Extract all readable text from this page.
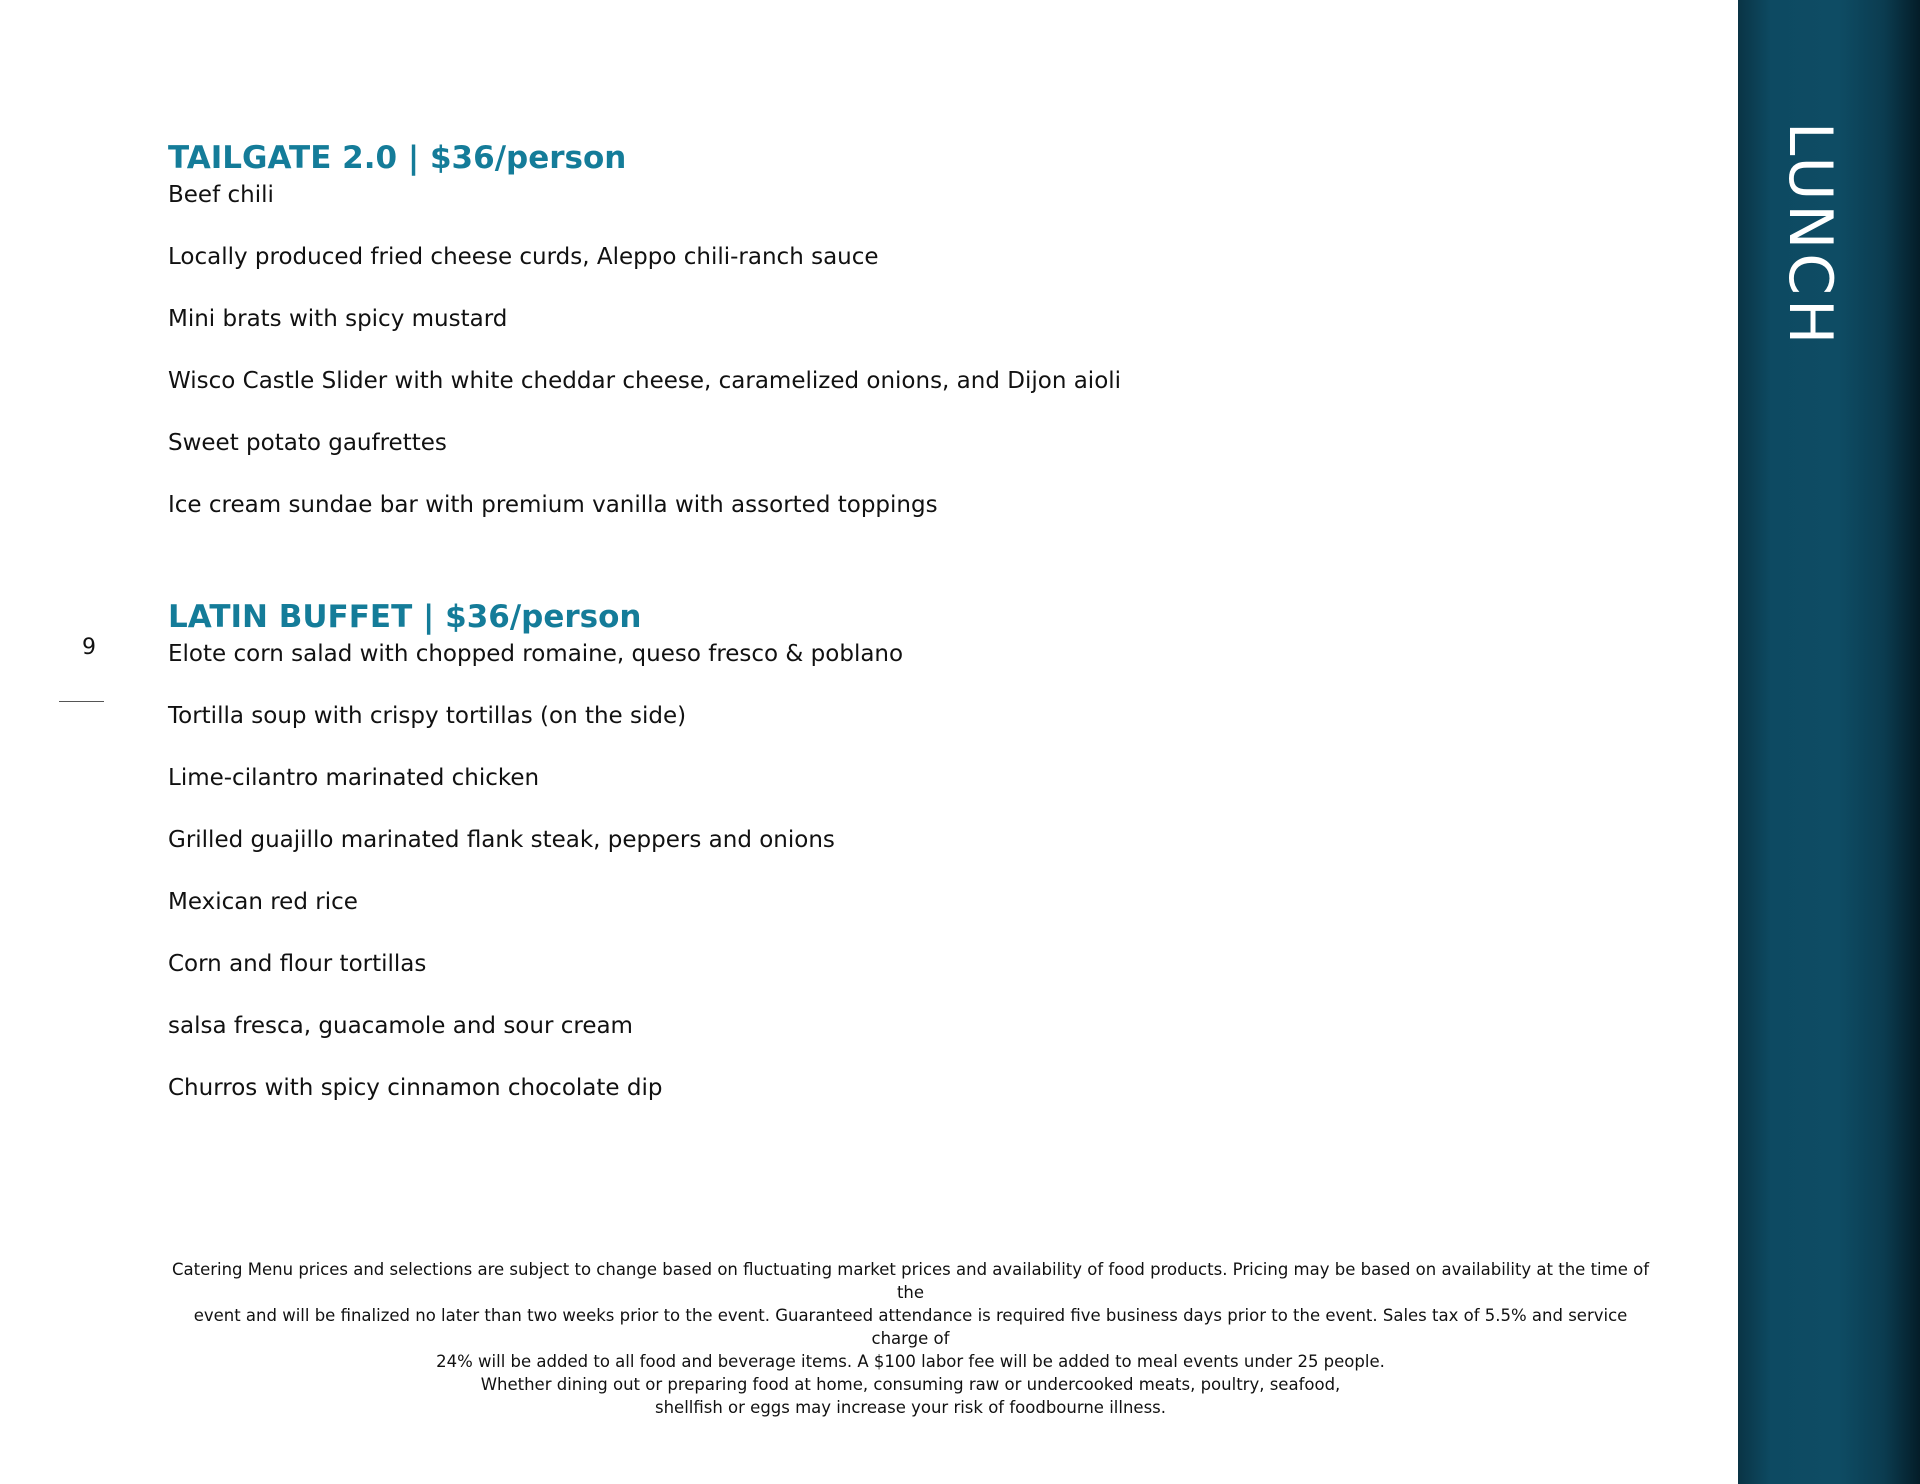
TAILGATE 2.0 | $36/person
Beef chili
Locally produced fried cheese curds, Aleppo chili-ranch sauce
Mini brats with spicy mustard
Wisco Castle Slider with white cheddar cheese, caramelized onions, and Dijon aioli
Sweet potato gaufrettes
Ice cream sundae bar with premium vanilla with assorted toppings
LATIN BUFFET | $36/person
Elote corn salad with chopped romaine, queso fresco & poblano
Tortilla soup with crispy tortillas (on the side)
Lime-cilantro marinated chicken
Grilled guajillo marinated flank steak, peppers and onions
Mexican red rice
Corn and flour tortillas
salsa fresca, guacamole and sour cream
Churros with spicy cinnamon chocolate dip
9

Catering Menu prices and selections are subject to change based on fluctuating market prices and availability of food products. Pricing may be based on availability at the time of the

event and will be finalized no later than two weeks prior to the event. Guaranteed attendance is required five business days prior to the event. Sales tax of 5.5% and service charge of

24% will be added to all food and beverage items. A $100 labor fee will be added to meal events under 25 people.

Whether dining out or preparing food at home, consuming raw or undercooked meats, poultry, seafood,

shellfish or eggs may increase your risk of foodbourne illness.

LUNCH
